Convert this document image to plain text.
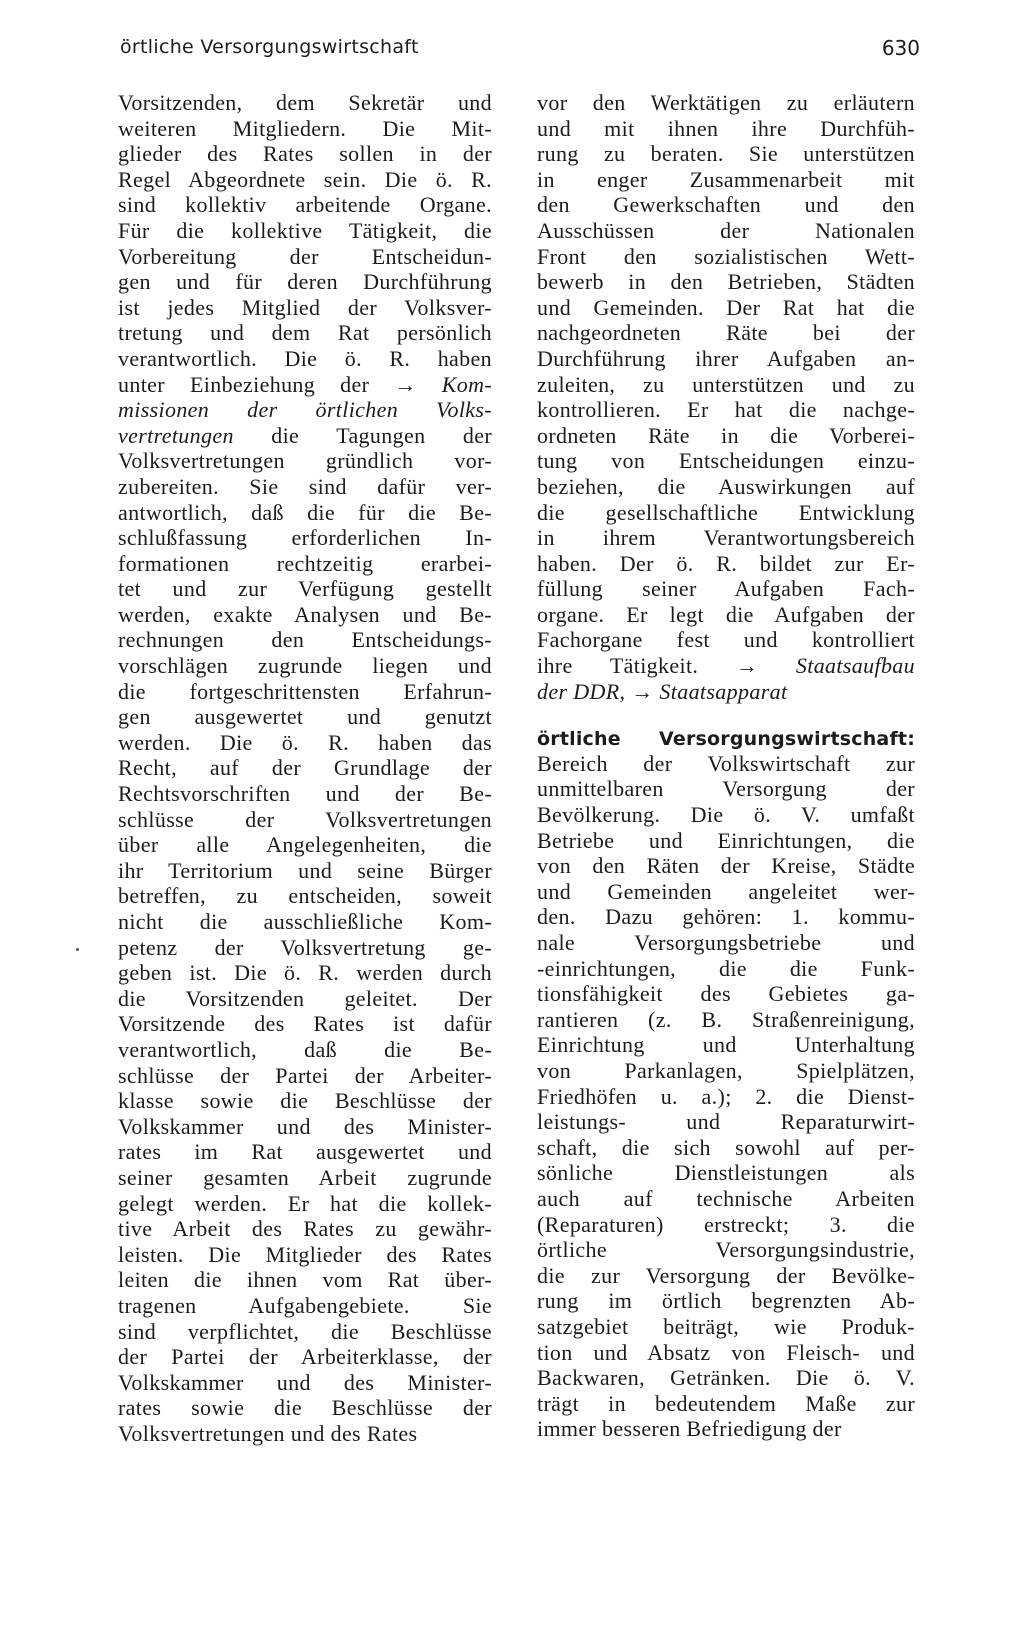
örtliche Versorgungswirtschaft	630
Vorsitzenden, dem Sekretär und
weiteren Mitgliedern. Die Mit-
glieder des Rates sollen in der
Regel Abgeordnete sein. Die ö. R.
sind kollektiv arbeitende Organe.
Für die kollektive Tätigkeit, die
Vorbereitung der Entscheidun-
gen und für deren Durchführung
ist jedes Mitglied der Volksver-
tretung und dem Rat persönlich
verantwortlich. Die ö. R. haben
unter Einbeziehung der → Kom-
missionen der örtlichen Volks-
vertretungen die Tagungen der
Volksvertretungen gründlich vor-
zubereiten. Sie sind dafür ver-
antwortlich, daß die für die Be-
schlußfassung erforderlichen In-
formationen rechtzeitig erarbei-
tet und zur Verfügung gestellt
werden, exakte Analysen und Be-
rechnungen den Entscheidungs-
vorschlägen zugrunde liegen und
die fortgeschrittensten Erfahrun-
gen ausgewertet und genutzt
werden. Die ö. R. haben das
Recht, auf der Grundlage der
Rechtsvorschriften und der Be-
schlüsse der Volksvertretungen
über alle Angelegenheiten, die
ihr Territorium und seine Bürger
betreffen, zu entscheiden, soweit
nicht die ausschließliche Kom-
petenz der Volksvertretung ge-
geben ist. Die ö. R. werden durch
die Vorsitzenden geleitet. Der
Vorsitzende des Rates ist dafür
verantwortlich, daß die Be-
schlüsse der Partei der Arbeiter-
klasse sowie die Beschlüsse der
Volkskammer und des Minister-
rates im Rat ausgewertet und
seiner gesamten Arbeit zugrunde
gelegt werden. Er hat die kollek-
tive Arbeit des Rates zu gewähr-
leisten. Die Mitglieder des Rates
leiten die ihnen vom Rat über-
tragenen Aufgabengebiete. Sie
sind verpflichtet, die Beschlüsse
der Partei der Arbeiterklasse, der
Volkskammer und des Minister-
rates sowie die Beschlüsse der
Volksvertretungen und des Rates
vor den Werktätigen zu erläutern
und mit ihnen ihre Durchfüh-
rung zu beraten. Sie unterstützen
in enger Zusammenarbeit mit
den Gewerkschaften und den
Ausschüssen der Nationalen
Front den sozialistischen Wett-
bewerb in den Betrieben, Städten
und Gemeinden. Der Rat hat die
nachgeordneten Räte bei der
Durchführung ihrer Aufgaben an-
zuleiten, zu unterstützen und zu
kontrollieren. Er hat die nachge-
ordneten Räte in die Vorberei-
tung von Entscheidungen einzu-
beziehen, die Auswirkungen auf
die gesellschaftliche Entwicklung
in ihrem Verantwortungsbereich
haben. Der ö. R. bildet zur Er-
füllung seiner Aufgaben Fach-
organe. Er legt die Aufgaben der
Fachorgane fest und kontrolliert
ihre Tätigkeit. → Staatsaufbau
der DDR, → Staatsapparat
örtliche Versorgungswirtschaft:
Bereich der Volkswirtschaft zur
unmittelbaren Versorgung der
Bevölkerung. Die ö. V. umfaßt
Betriebe und Einrichtungen, die
von den Räten der Kreise, Städte
und Gemeinden angeleitet wer-
den. Dazu gehören: 1. kommu-
nale Versorgungsbetriebe und
-einrichtungen, die die Funk-
tionsfähigkeit des Gebietes ga-
rantieren (z. B. Straßenreinigung,
Einrichtung und Unterhaltung
von Parkanlagen, Spielplätzen,
Friedhöfen u. a.); 2. die Dienst-
leistungs- und Reparaturwirt-
schaft, die sich sowohl auf per-
sönliche Dienstleistungen als
auch auf technische Arbeiten
(Reparaturen) erstreckt; 3. die
örtliche Versorgungsindustrie,
die zur Versorgung der Bevölke-
rung im örtlich begrenzten Ab-
satzgebiet beiträgt, wie Produk-
tion und Absatz von Fleisch- und
Backwaren, Getränken. Die ö. V.
trägt in bedeutendem Maße zur
immer besseren Befriedigung der
